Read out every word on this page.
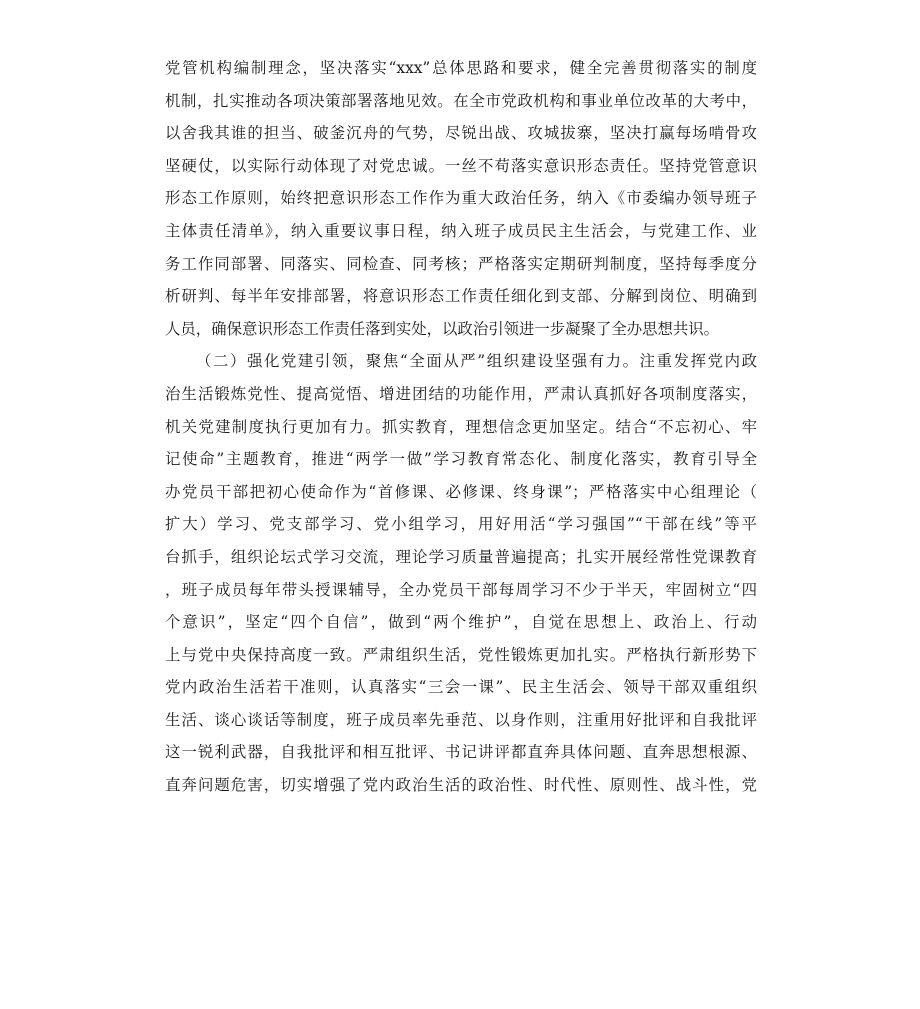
党管机构编制理念，坚决落实“xxx”总体思路和要求，健全完善贯彻落实的制度
机制，扎实推动各项决策部署落地见效。在全市党政机构和事业单位改革的大考中，
以舍我其谁的担当、破釜沉舟的气势，尽锐出战、攻城拔寨，坚决打赢每场啃骨攻
坚硬仗，以实际行动体现了对党忠诚。一丝不苟落实意识形态责任。坚持党管意识
形态工作原则，始终把意识形态工作作为重大政治任务，纳入《市委编办领导班子
主体责任清单》，纳入重要议事日程，纳入班子成员民主生活会，与党建工作、业
务工作同部署、同落实、同检查、同考核；严格落实定期研判制度，坚持每季度分
析研判、每半年安排部署，将意识形态工作责任细化到支部、分解到岗位、明确到
人员，确保意识形态工作责任落到实处，以政治引领进一步凝聚了全办思想共识。
（二）强化党建引领，聚焦“全面从严”组织建设坚强有力。注重发挥党内政
治生活锻炼党性、提高觉悟、增进团结的功能作用，严肃认真抓好各项制度落实，
机关党建制度执行更加有力。抓实教育，理想信念更加坚定。结合“不忘初心、牢
记使命”主题教育，推进“两学一做”学习教育常态化、制度化落实，教育引导全
办党员干部把初心使命作为“首修课、必修课、终身课”；严格落实中心组理论（
扩大）学习、党支部学习、党小组学习，用好用活“学习强国”“干部在线”等平
台抓手，组织论坛式学习交流，理论学习质量普遍提高；扎实开展经常性党课教育
，班子成员每年带头授课辅导，全办党员干部每周学习不少于半天，牢固树立“四
个意识”，坚定“四个自信”，做到“两个维护”，自觉在思想上、政治上、行动
上与党中央保持高度一致。严肃组织生活，党性锻炼更加扎实。严格执行新形势下
党内政治生活若干准则，认真落实“三会一课”、民主生活会、领导干部双重组织
生活、谈心谈话等制度，班子成员率先垂范、以身作则，注重用好批评和自我批评
这一锐利武器，自我批评和相互批评、书记讲评都直奔具体问题、直奔思想根源、
直奔问题危害，切实增强了党内政治生活的政治性、时代性、原则性、战斗性，党
